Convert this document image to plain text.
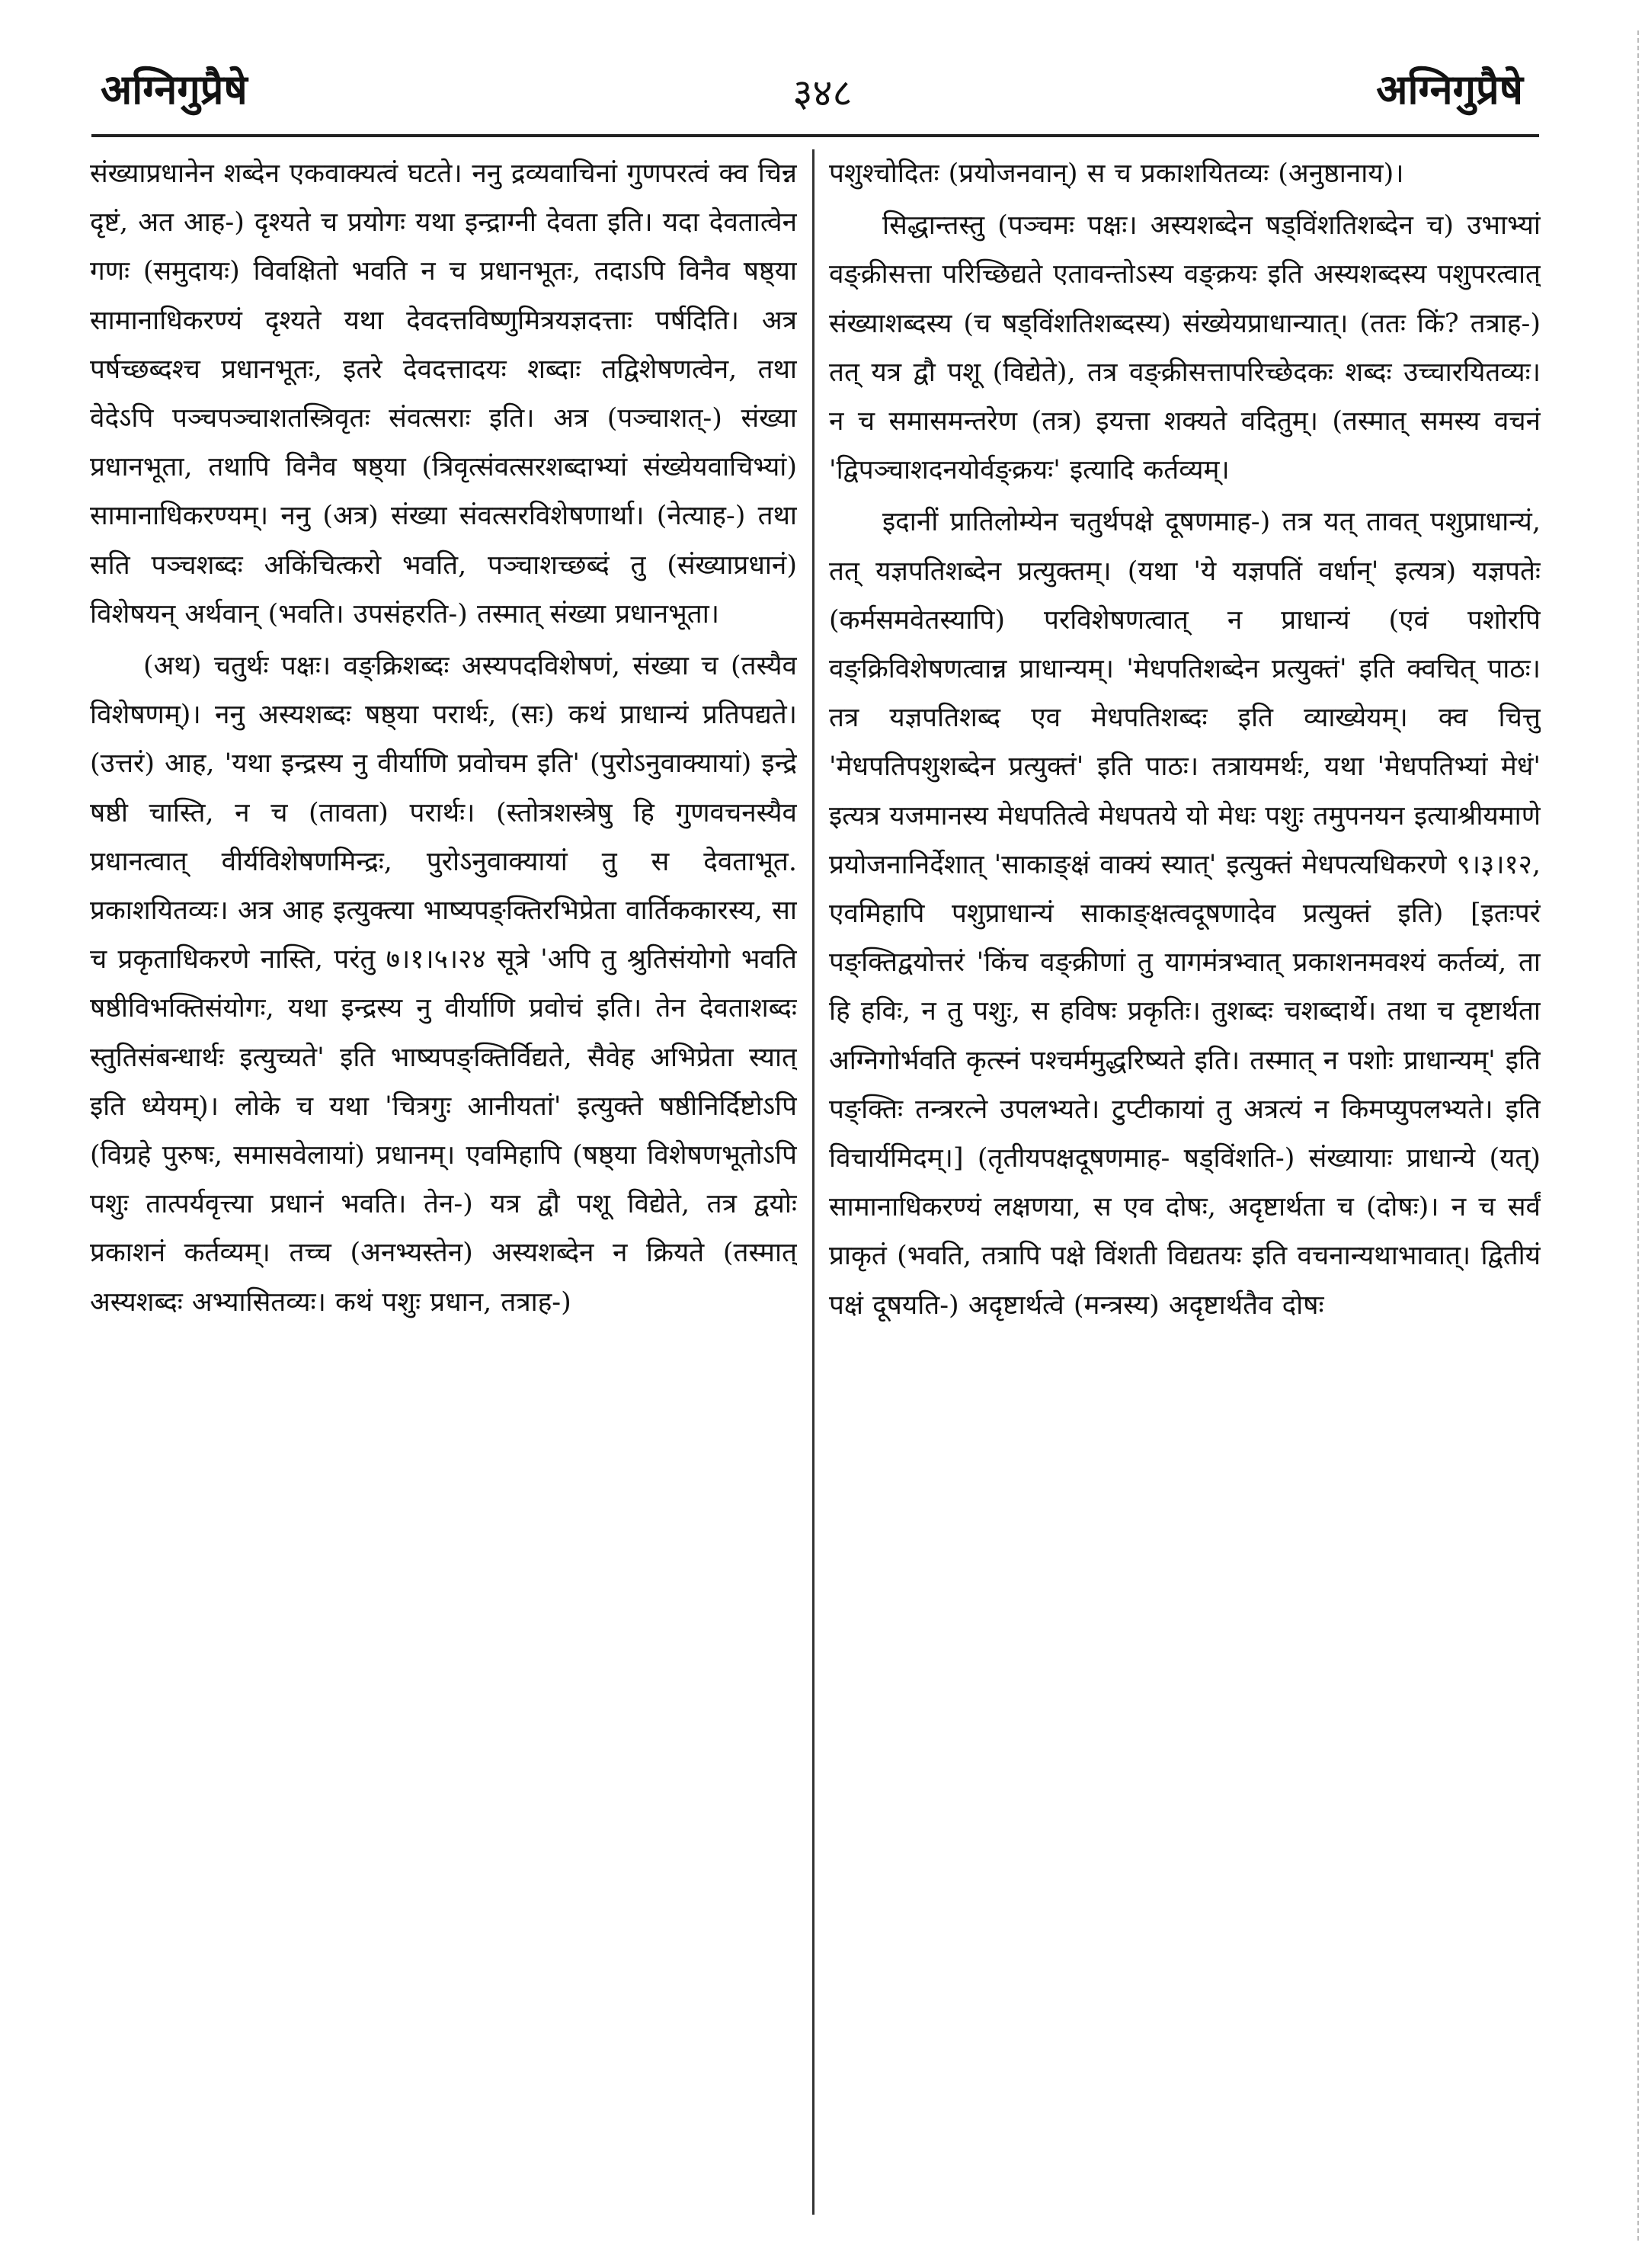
अग्निगुप्रैषे	३४८	अग्निगुप्रैषे

संख्याप्रधानेन शब्देन एकवाक्यत्वं घटते। ननु द्रव्यवाचिनां गुणपरत्वं क्व चिन्न दृष्टं, अत आह-) दृश्यते च प्रयोगः यथा इन्द्राग्नी देवता इति। यदा देवतात्वेन गणः (समुदायः) विवक्षितो भवति न च प्रधानभूतः, तदाऽपि विनैव षष्ठ्या सामानाधिकरण्यं दृश्यते यथा देवदत्तविष्णुमित्रयज्ञदत्ताः पर्षदिति। अत्र पर्षच्छब्दश्च प्रधानभूतः, इतरे देवदत्तादयः शब्दाः तद्विशेषणत्वेन, तथा वेदेऽपि पञ्चपञ्चाशतस्त्रिवृतः संवत्सराः इति। अत्र (पञ्चाशत्-) संख्या प्रधानभूता, तथापि विनैव षष्ठ्या (त्रिवृत्संवत्सरशब्दाभ्यां संख्येयवाचिभ्यां) सामानाधिकरण्यम्। ननु (अत्र) संख्या संवत्सरविशेषणार्था। (नेत्याह-) तथा सति पञ्चशब्दः अकिंचित्करो भवति, पञ्चाशच्छब्दं तु (संख्याप्रधानं) विशेषयन् अर्थवान् (भवति। उपसंहरति-) तस्मात् संख्या प्रधानभूता।

(अथ) चतुर्थः पक्षः। वङ्क्रिशब्दः अस्यपदविशेषणं, संख्या च (तस्यैव विशेषणम्)। ननु अस्यशब्दः षष्ठ्या परार्थः, (सः) कथं प्राधान्यं प्रतिपद्यते। (उत्तरं) आह, 'यथा इन्द्रस्य नु वीर्याणि प्रवोचम इति' (पुरोऽनुवाक्यायां) इन्द्रे षष्ठी चास्ति, न च (तावता) परार्थः। (स्तोत्रशस्त्रेषु हि गुणवचनस्यैव प्रधानत्वात् वीर्यविशेषणमिन्द्रः, पुरोऽनुवाक्यायां तु स देवताभूत. प्रकाशयितव्यः। अत्र आह इत्युक्त्या भाष्यपङ्क्तिरभिप्रेता वार्तिककारस्य, सा च प्रकृताधिकरणे नास्ति, परंतु ७।१।५।२४ सूत्रे 'अपि तु श्रुतिसंयोगो भवति षष्ठीविभक्तिसंयोगः, यथा इन्द्रस्य नु वीर्याणि प्रवोचं इति। तेन देवताशब्दः स्तुतिसंबन्धार्थः इत्युच्यते' इति भाष्यपङ्क्तिर्विद्यते, सैवेह अभिप्रेता स्यात् इति ध्येयम्)। लोके च यथा 'चित्रगुः आनीयतां' इत्युक्ते षष्ठीनिर्दिष्टोऽपि (विग्रहे पुरुषः, समासवेलायां) प्रधानम्। एवमिहापि (षष्ठ्या विशेषणभूतोऽपि पशुः तात्पर्यवृत्त्या प्रधानं भवति। तेन-) यत्र द्वौ पशू विद्येते, तत्र द्वयोः प्रकाशनं कर्तव्यम्। तच्च (अनभ्यस्तेन) अस्यशब्देन न क्रियते (तस्मात् अस्यशब्दः अभ्यासितव्यः। कथं पशुः प्रधान, तत्राह-)

पशुश्चोदितः (प्रयोजनवान्) स च प्रकाशयितव्यः (अनुष्ठानाय)।

सिद्धान्तस्तु (पञ्चमः पक्षः। अस्यशब्देन षड्विंशतिशब्देन च) उभाभ्यां वङ्क्रीसत्ता परिच्छिद्यते एतावन्तोऽस्य वङ्क्रयः इति अस्यशब्दस्य पशुपरत्वात् संख्याशब्दस्य (च षड्विंशतिशब्दस्य) संख्येयप्राधान्यात्। (ततः किं? तत्राह-) तत् यत्र द्वौ पशू (विद्येते), तत्र वङ्क्रीसत्तापरिच्छेदकः शब्दः उच्चारयितव्यः। न च समासमन्तरेण (तत्र) इयत्ता शक्यते वदितुम्। (तस्मात् समस्य वचनं 'द्विपञ्चाशदनयोर्वङ्क्रयः' इत्यादि कर्तव्यम्।

इदानीं प्रातिलोम्येन चतुर्थपक्षे दूषणमाह-) तत्र यत् तावत् पशुप्राधान्यं, तत् यज्ञपतिशब्देन प्रत्युक्तम्। (यथा 'ये यज्ञपतिं वर्धान्' इत्यत्र) यज्ञपतेः (कर्मसमवेतस्यापि) परविशेषणत्वात् न प्राधान्यं (एवं पशोरपि वङ्क्रिविशेषणत्वान्न प्राधान्यम्। 'मेधपतिशब्देन प्रत्युक्तं' इति क्वचित् पाठः। तत्र यज्ञपतिशब्द एव मेधपतिशब्दः इति व्याख्येयम्। क्व चित्तु 'मेधपतिपशुशब्देन प्रत्युक्तं' इति पाठः। तत्रायमर्थः, यथा 'मेधपतिभ्यां मेधं' इत्यत्र यजमानस्य मेधपतित्वे मेधपतये यो मेधः पशुः तमुपनयन इत्याश्रीयमाणे प्रयोजनानिर्देशात् 'साकाङ्क्षं वाक्यं स्यात्' इत्युक्तं मेधपत्यधिकरणे ९।३।१२, एवमिहापि पशुप्राधान्यं साकाङ्क्षत्वदूषणादेव प्रत्युक्तं इति) [इतःपरं पङ्क्तिद्वयोत्तरं 'किंच वङ्क्रीणां तु यागमंत्रभ्वात् प्रकाशनमवश्यं कर्तव्यं, ता हि हविः, न तु पशुः, स हविषः प्रकृतिः। तुशब्दः चशब्दार्थे। तथा च दृष्टार्थता अग्निगोर्भवति कृत्स्नं पश्चर्ममुद्धरिष्यते इति। तस्मात् न पशोः प्राधान्यम्' इति पङ्क्तिः तन्त्ररत्ने उपलभ्यते। टुप्टीकायां तु अत्रत्यं न किमप्युपलभ्यते। इति विचार्यमिदम्।] (तृतीयपक्षदूषणमाह- षड्विंशति-) संख्यायाः प्राधान्ये (यत्) सामानाधिकरण्यं लक्षणया, स एव दोषः, अदृष्टार्थता च (दोषः)। न च सर्वं प्राकृतं (भवति, तत्रापि पक्षे विंशती विद्यतयः इति वचनान्यथाभावात्। द्वितीयं पक्षं दूषयति-) अदृष्टार्थत्वे (मन्त्रस्य) अदृष्टार्थतैव दोषः
